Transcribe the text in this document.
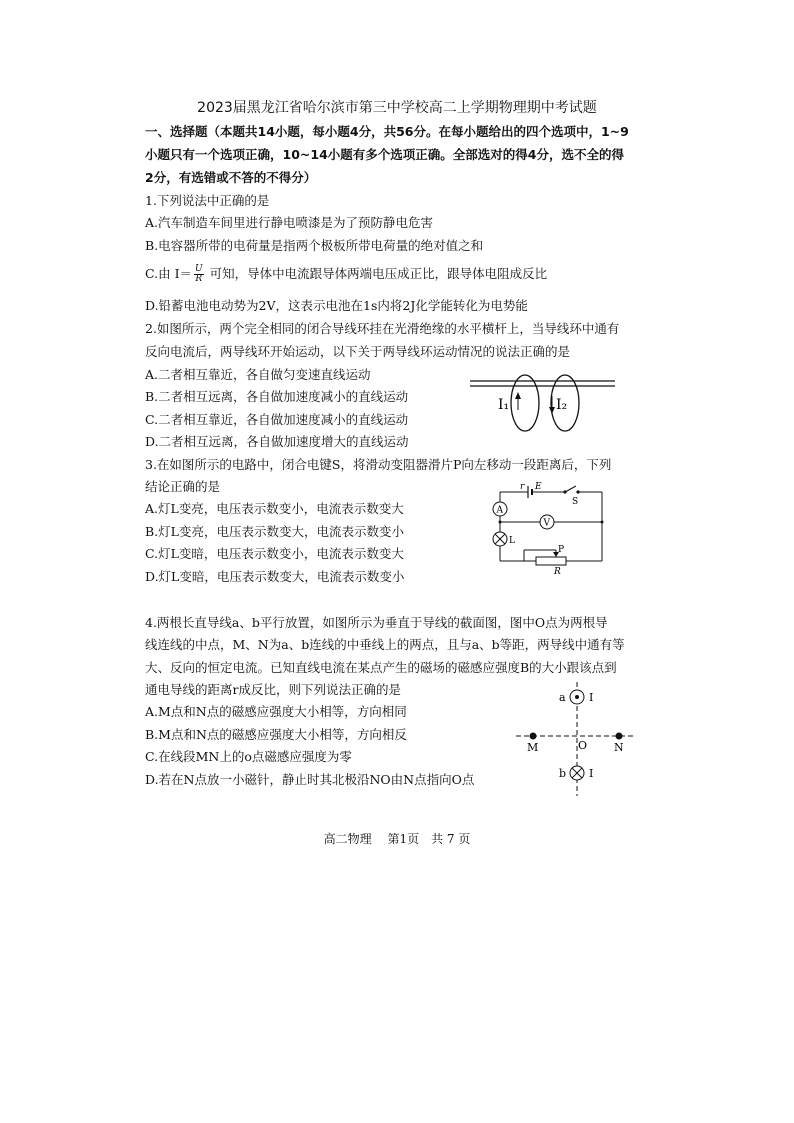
2023届黑龙江省哈尔滨市第三中学校高二上学期物理期中考试题
一、选择题（本题共14小题，每小题4分，共56分。在每小题给出的四个选项中，1~9
小题只有一个选项正确，10~14小题有多个选项正确。全部选对的得4分，选不全的得
2分，有选错或不答的不得分）
1.下列说法中正确的是
A.汽车制造车间里进行静电喷漆是为了预防静电危害
B.电容器所带的电荷量是指两个极板所带电荷量的绝对值之和
C.由 $I= \frac{U}{R}$ 可知，导体中电流跟导体两端电压成正比，跟导体电阻成反比
D.铅蓄电池电动势为2V，这表示电池在1s内将2J化学能转化为电势能
2.如图所示，两个完全相同的闭合导线环挂在光滑绝缘的水平横杆上，当导线环中通有
反向电流后，两导线环开始运动，以下关于两导线环运动情况的说法正确的是
A.二者相互靠近，各自做匀变速直线运动
B.二者相互远离，各自做加速度减小的直线运动
C.二者相互靠近，各自做加速度减小的直线运动
D.二者相互远离，各自做加速度增大的直线运动
I₁	I₂
3.在如图所示的电路中，闭合电键S，将滑动变阻器滑片P向左移动一段距离后，下列
结论正确的是
A.灯L变亮，电压表示数变小，电流表示数变大
B.灯L变亮，电压表示数变大，电流表示数变小
C.灯L变暗，电压表示数变小，电流表示数变大
D.灯L变暗，电压表示数变大，电流表示数变小
r E
S
A
V
L
P
R
4.两根长直导线a、b平行放置，如图所示为垂直于导线的截面图，图中O点为两根导
线连线的中点，M、N为a、b连线的中垂线上的两点，且与a、b等距，两导线中通有等
大、反向的恒定电流。已知直线电流在某点产生的磁场的磁感应强度B的大小跟该点到
通电导线的距离r成反比，则下列说法正确的是
A.M点和N点的磁感应强度大小相等，方向相同
B.M点和N点的磁感应强度大小相等，方向相反
C.在线段MN上的o点磁感应强度为零
D.若在N点放一小磁针，静止时其北极沿NO由N点指向O点
a I
b I
M	O N
高二物理　 第1页　共 7 页
